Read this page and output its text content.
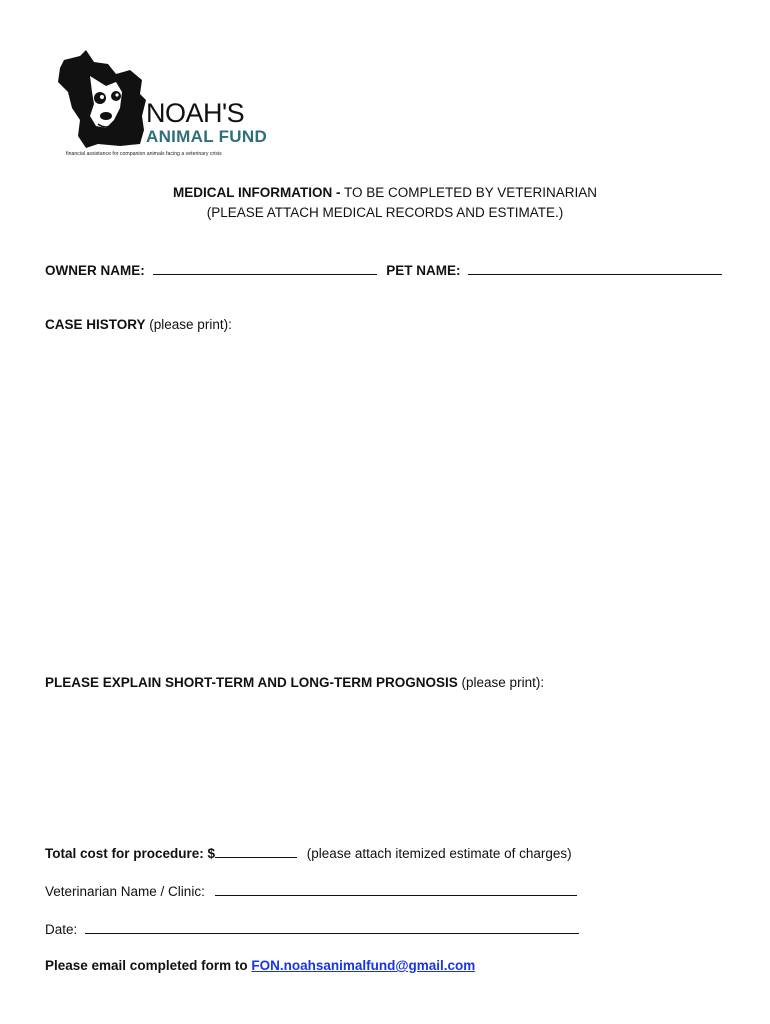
NOAH'S
ANIMAL FUND
financial assistance for companion animals facing a veterinary crisis
MEDICAL INFORMATION - TO BE COMPLETED BY VETERINARIAN
(PLEASE ATTACH MEDICAL RECORDS AND ESTIMATE.)
OWNER NAME:	PET NAME:
CASE HISTORY (please print):
PLEASE EXPLAIN SHORT-TERM AND LONG-TERM PROGNOSIS (please print):
Total cost for procedure: $	(please attach itemized estimate of charges)
Veterinarian Name / Clinic:
Date:
Please email completed form to FON.noahsanimalfund@gmail.com
